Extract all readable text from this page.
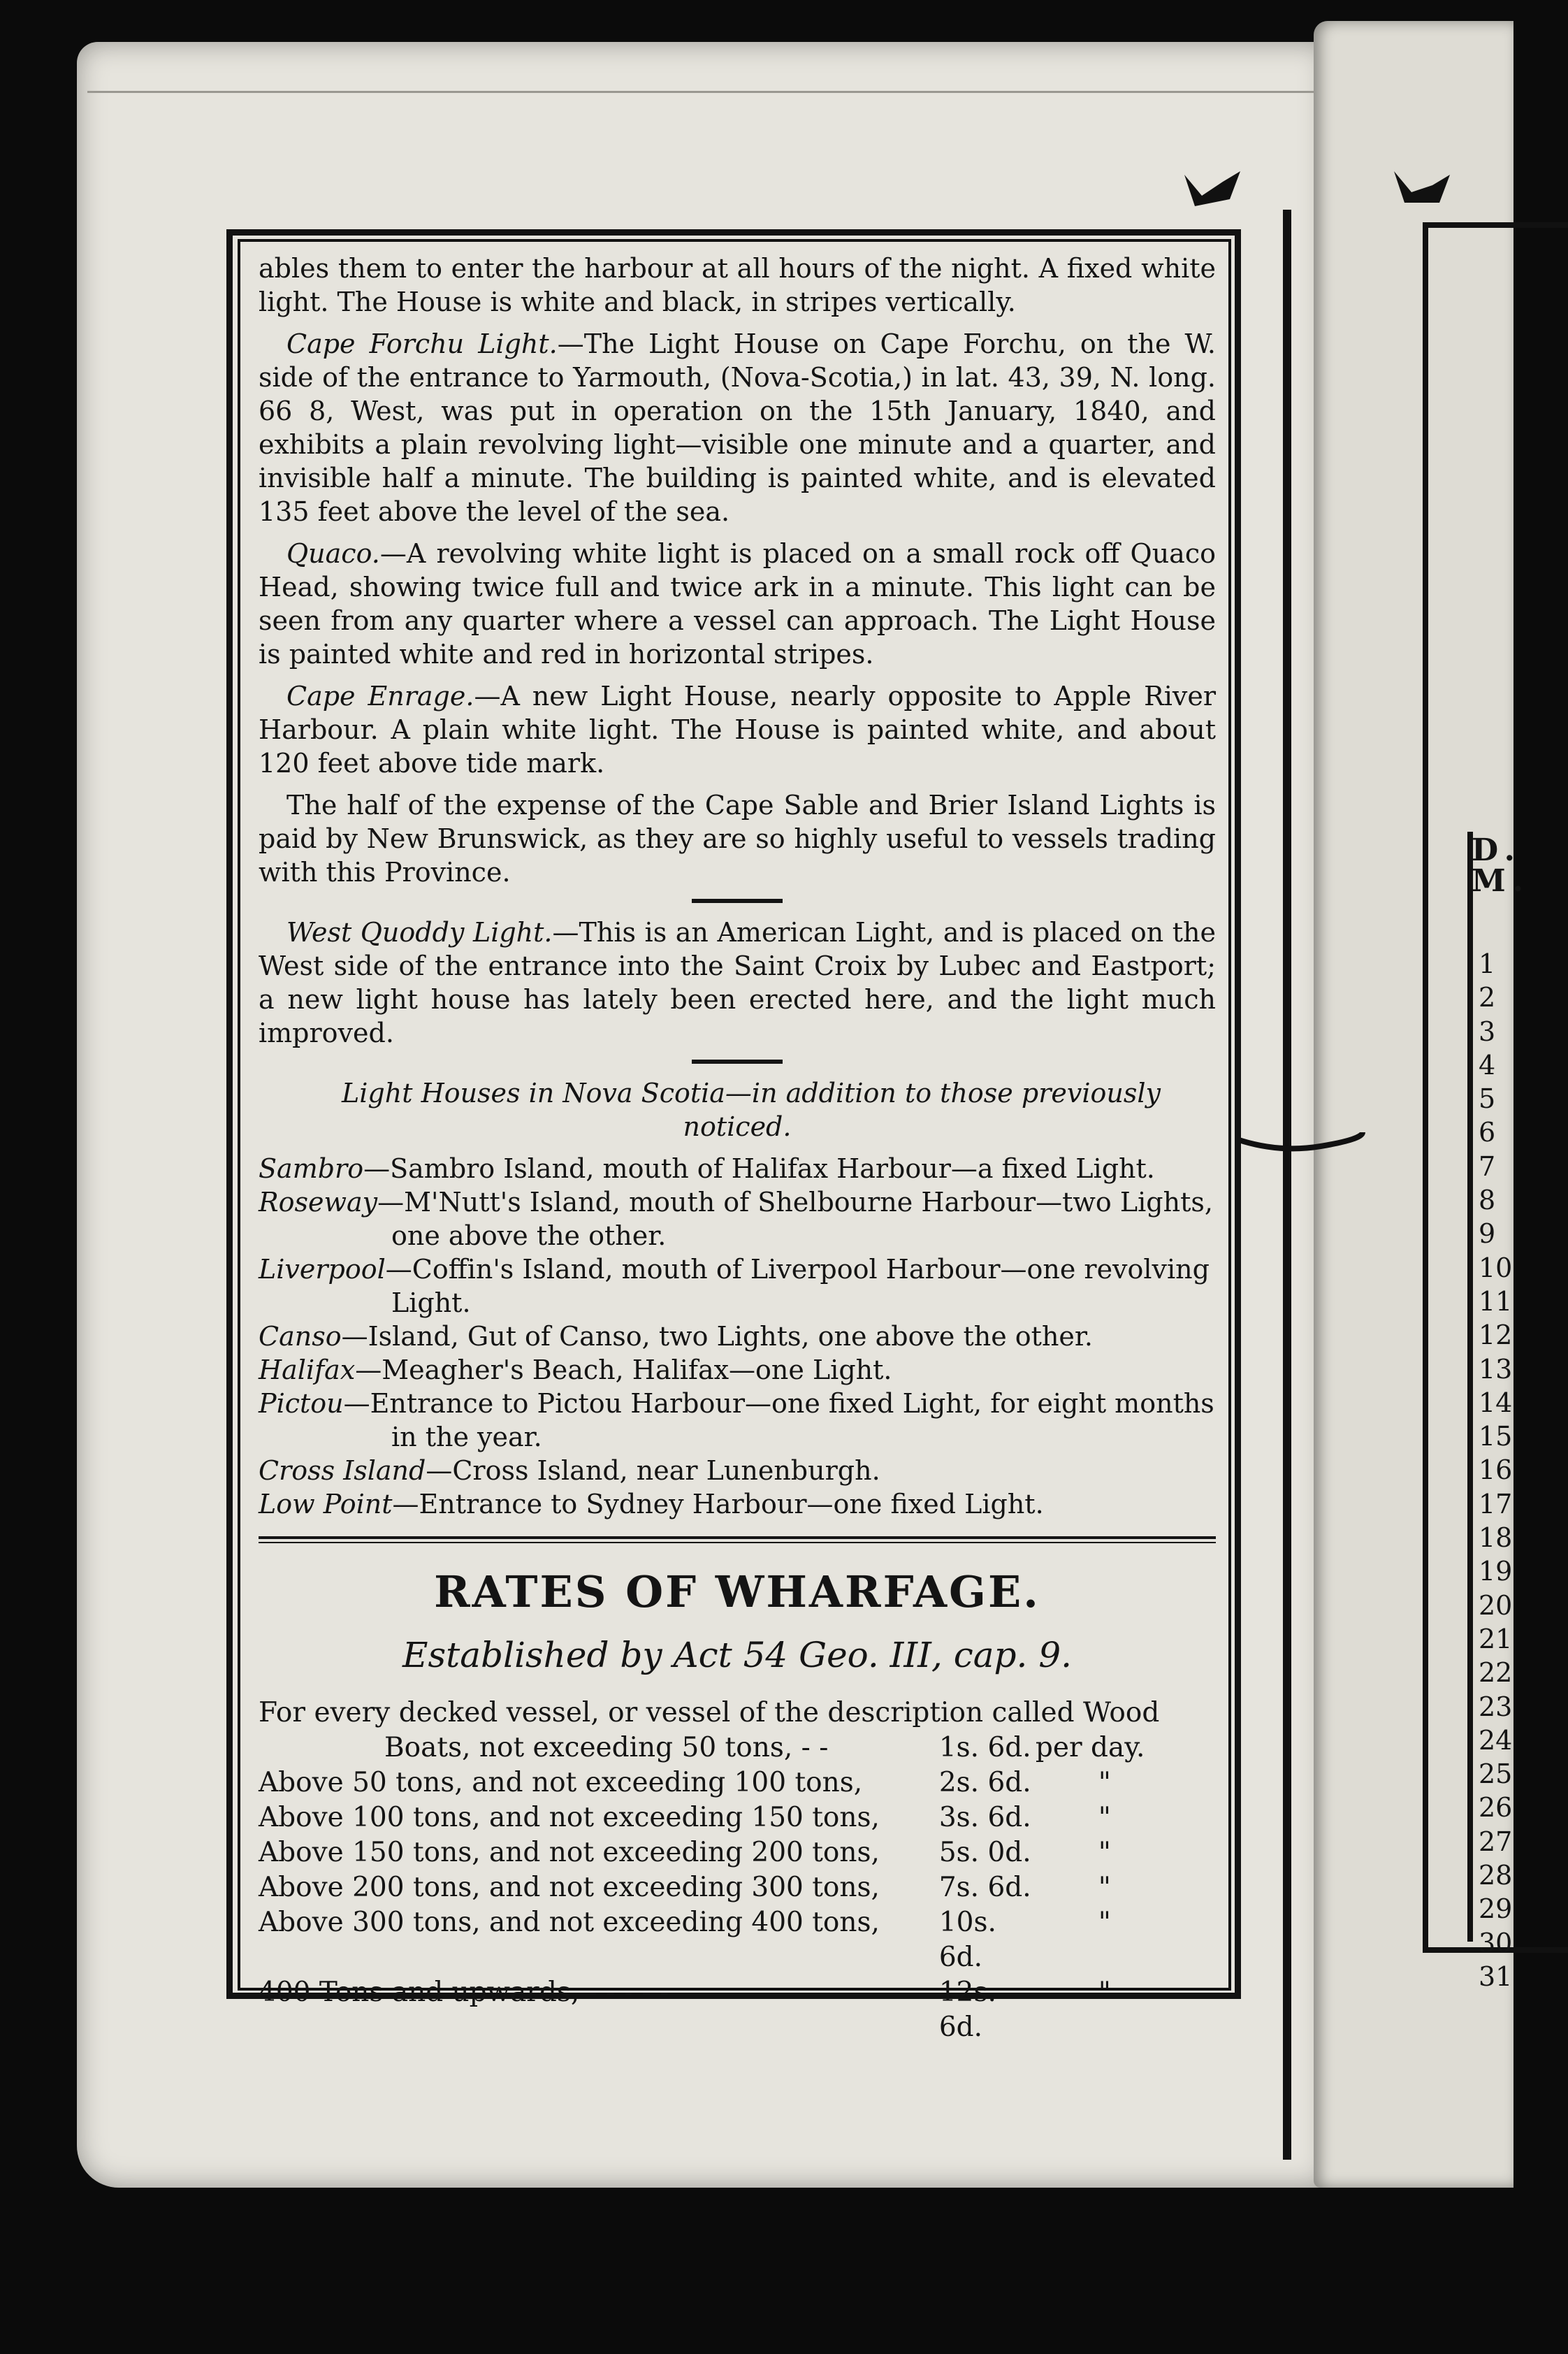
D. M.
1
2
3
4
5
6
7
8
9
10
11
12
13
14
15
16
17
18
19
20
21
22
23
24
25
26
27
28
29
30
31

ables them to enter the harbour at all hours of the night. A fixed white light. The House is white and black, in stripes vertically.

Cape Forchu Light.—The Light House on Cape Forchu, on the W. side of the entrance to Yarmouth, (Nova-Scotia,) in lat. 43, 39, N. long. 66 8, West, was put in operation on the 15th January, 1840, and exhibits a plain revolving light—visible one minute and a quarter, and invisible half a minute. The building is painted white, and is elevated 135 feet above the level of the sea.

Quaco.—A revolving white light is placed on a small rock off Quaco Head, showing twice full and twice ark in a minute. This light can be seen from any quarter where a vessel can approach. The Light House is painted white and red in horizontal stripes.

Cape Enrage.—A new Light House, nearly opposite to Apple River Harbour. A plain white light. The House is painted white, and about 120 feet above tide mark.

The half of the expense of the Cape Sable and Brier Island Lights is paid by New Brunswick, as they are so highly useful to vessels trading with this Province.

West Quoddy Light.—This is an American Light, and is placed on the West side of the entrance into the Saint Croix by Lubec and Eastport; a new light house has lately been erected here, and the light much improved.

Light Houses in Nova Scotia—in addition to those previously noticed.

Sambro—Sambro Island, mouth of Halifax Harbour—a fixed Light.
Roseway—M'Nutt's Island, mouth of Shelbourne Harbour—two Lights, one above the other.
Liverpool—Coffin's Island, mouth of Liverpool Harbour—one revolving Light.
Canso—Island, Gut of Canso, two Lights, one above the other.
Halifax—Meagher's Beach, Halifax—one Light.
Pictou—Entrance to Pictou Harbour—one fixed Light, for eight months in the year.
Cross Island—Cross Island, near Lunenburgh.
Low Point—Entrance to Sydney Harbour—one fixed Light.
RATES OF WHARFAGE.
Established by Act 54 Geo. III, cap. 9.
For every decked vessel, or vessel of the description called Wood
Boats, not exceeding 50 tons, - -	1s. 6d.	per day.
Above 50 tons, and not exceeding 100 tons,	2s. 6d.	"
Above 100 tons, and not exceeding 150 tons,	3s. 6d.	"
Above 150 tons, and not exceeding 200 tons,	5s. 0d.	"
Above 200 tons, and not exceeding 300 tons,	7s. 6d.	"
Above 300 tons, and not exceeding 400 tons,	10s. 6d.	"
400 Tons and upwards, - - - - -	12s. 6d.	"
